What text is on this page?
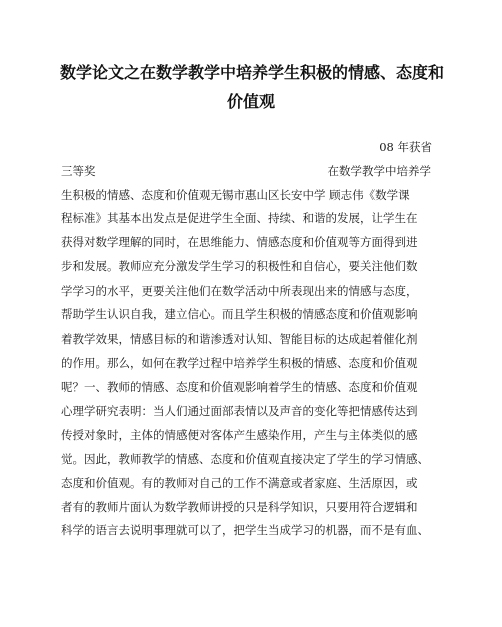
数学论文之在数学教学中培养学生积极的情感、态度和
价值观
08 年获省
三等奖	在数学教学中培养学
生积极的情感、态度和价值观无锡市惠山区长安中学 顾志伟《数学课
程标准》其基本出发点是促进学生全面、持续、和谐的发展，让学生在
获得对数学理解的同时，在思维能力、情感态度和价值观等方面得到进
步和发展。教师应充分激发学生学习的积极性和自信心，要关注他们数
学学习的水平，更要关注他们在数学活动中所表现出来的情感与态度，
帮助学生认识自我，建立信心。而且学生积极的情感态度和价值观影响
着教学效果，情感目标的和谐渗透对认知、智能目标的达成起着催化剂
的作用。那么，如何在教学过程中培养学生积极的情感、态度和价值观
呢？一、教师的情感、态度和价值观影响着学生的情感、态度和价值观
心理学研究表明：当人们通过面部表情以及声音的变化等把情感传达到
传授对象时，主体的情感便对客体产生感染作用，产生与主体类似的感
觉。因此，教师教学的情感、态度和价值观直接决定了学生的学习情感、
态度和价值观。有的教师对自己的工作不满意或者家庭、生活原因，或
者有的教师片面认为数学教师讲授的只是科学知识，只要用符合逻辑和
科学的语言去说明事理就可以了，把学生当成学习的机器，而不是有血、
